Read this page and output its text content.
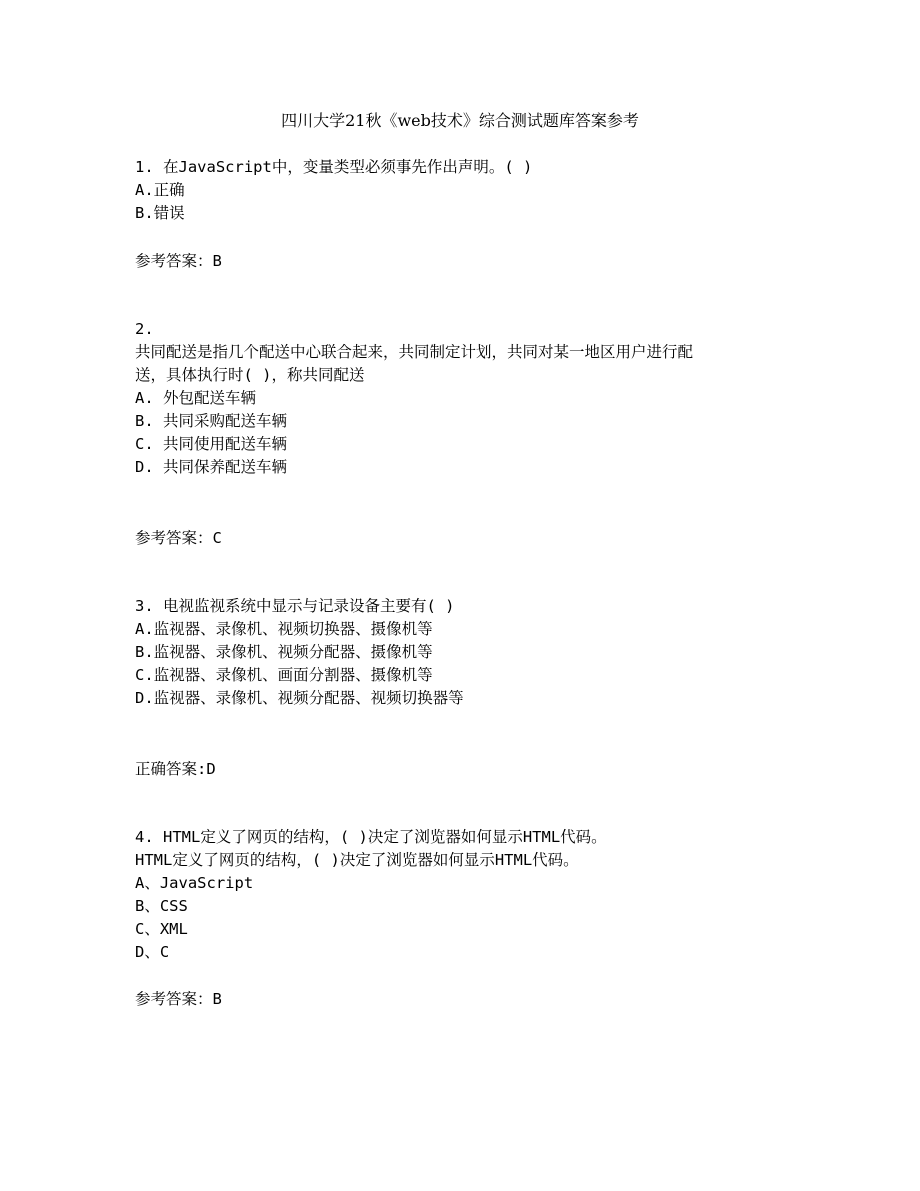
四川大学21秋《web技术》综合测试题库答案参考

1. 在JavaScript中，变量类型必须事先作出声明。( )

A.正确

B.错误

参考答案：B

2.

共同配送是指几个配送中心联合起来，共同制定计划，共同对某一地区用户进行配

送，具体执行时( )，称共同配送

A. 外包配送车辆

B. 共同采购配送车辆

C. 共同使用配送车辆

D. 共同保养配送车辆

参考答案：C

3. 电视监视系统中显示与记录设备主要有( )

A.监视器、录像机、视频切换器、摄像机等

B.监视器、录像机、视频分配器、摄像机等

C.监视器、录像机、画面分割器、摄像机等

D.监视器、录像机、视频分配器、视频切换器等

正确答案:D

4. HTML定义了网页的结构，( )决定了浏览器如何显示HTML代码。

HTML定义了网页的结构，( )决定了浏览器如何显示HTML代码。

A、JavaScript

B、CSS

C、XML

D、C

参考答案：B
